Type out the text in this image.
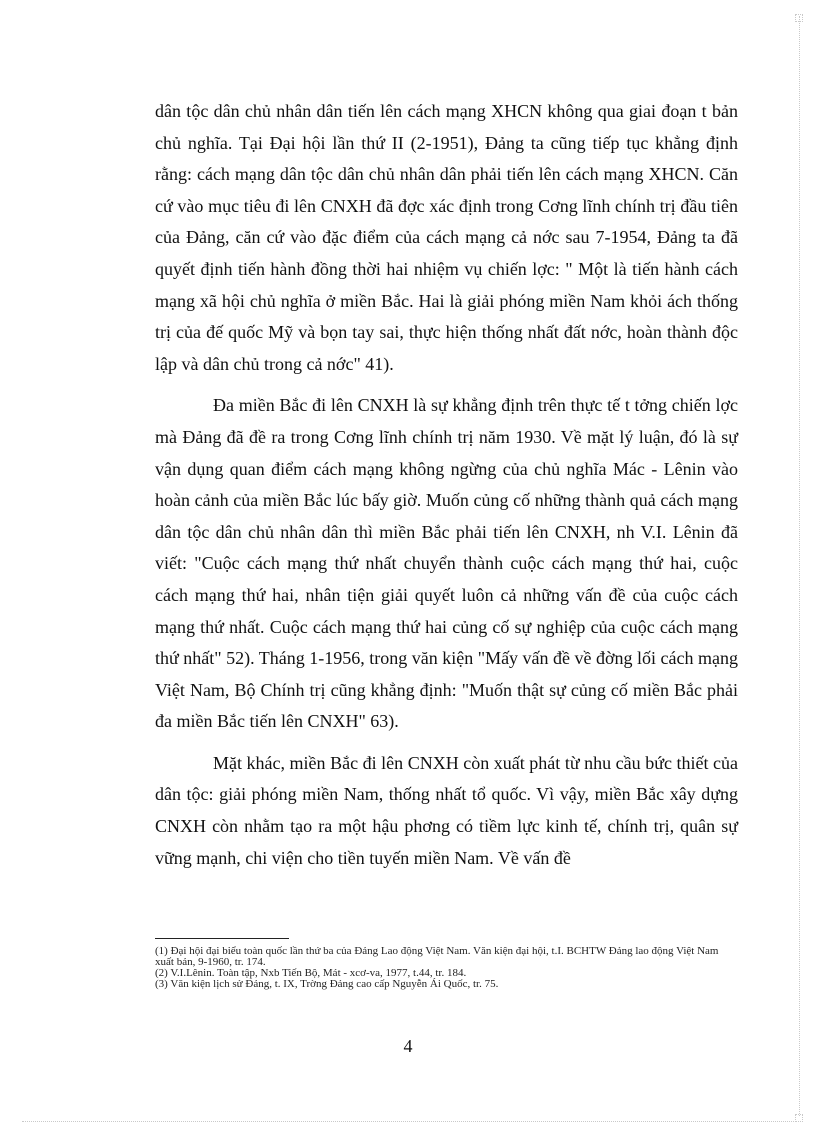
dân tộc dân chủ nhân dân tiến lên cách mạng XHCN không qua giai đoạn t bản chủ nghĩa. Tại Đại hội lần thứ II (2-1951), Đảng ta cũng tiếp tục khẳng định rằng: cách mạng dân tộc dân chủ nhân dân phải tiến lên cách mạng XHCN. Căn cứ vào mục tiêu đi lên CNXH đã đợc xác định trong Cơng lĩnh chính trị đầu tiên của Đảng, căn cứ vào đặc điểm của cách mạng cả nớc sau 7-1954, Đảng ta đã quyết định tiến hành đồng thời hai nhiệm vụ chiến lợc: " Một là tiến hành cách mạng xã hội chủ nghĩa ở miền Bắc. Hai là giải phóng miền Nam khỏi ách thống trị của đế quốc Mỹ và bọn tay sai, thực hiện thống nhất đất nớc, hoàn thành độc lập và dân chủ trong cả nớc" 41).

Đa miền Bắc đi lên CNXH là sự khẳng định trên thực tế t tởng chiến lợc mà Đảng đã đề ra trong Cơng lĩnh chính trị năm 1930. Về mặt lý luận, đó là sự vận dụng quan điểm cách mạng không ngừng của chủ nghĩa Mác - Lênin vào hoàn cảnh của miền Bắc lúc bấy giờ. Muốn củng cố những thành quả cách mạng dân tộc dân chủ nhân dân thì miền Bắc phải tiến lên CNXH, nh V.I. Lênin đã viết: "Cuộc cách mạng thứ nhất chuyển thành cuộc cách mạng thứ hai, cuộc cách mạng thứ hai, nhân tiện giải quyết luôn cả những vấn đề của cuộc cách mạng thứ nhất. Cuộc cách mạng thứ hai củng cố sự nghiệp của cuộc cách mạng thứ nhất" 52). Tháng 1-1956, trong văn kiện "Mấy vấn đề về đờng lối cách mạng Việt Nam, Bộ Chính trị cũng khẳng định: "Muốn thật sự củng cố miền Bắc phải đa miền Bắc tiến lên CNXH" 63).

Mặt khác, miền Bắc đi lên CNXH còn xuất phát từ nhu cầu bức thiết của dân tộc: giải phóng miền Nam, thống nhất tổ quốc. Vì vậy, miền Bắc xây dựng CNXH còn nhằm tạo ra một hậu phơng có tiềm lực kinh tế, chính trị, quân sự vững mạnh, chi viện cho tiền tuyến miền Nam. Về vấn đề

(1) Đại hội đại biểu toàn quốc lần thứ ba của Đảng Lao động Việt Nam. Văn kiện đại hội, t.I. BCHTW Đảng lao động Việt Nam xuất bản, 9-1960, tr. 174.
(2) V.I.Lênin. Toàn tập, Nxb Tiến Bộ, Mát - xcơ-va, 1977, t.44, tr. 184.
(3) Văn kiện lịch sử Đảng, t. IX, Trờng Đảng cao cấp Nguyễn Ái Quốc, tr. 75.
4
